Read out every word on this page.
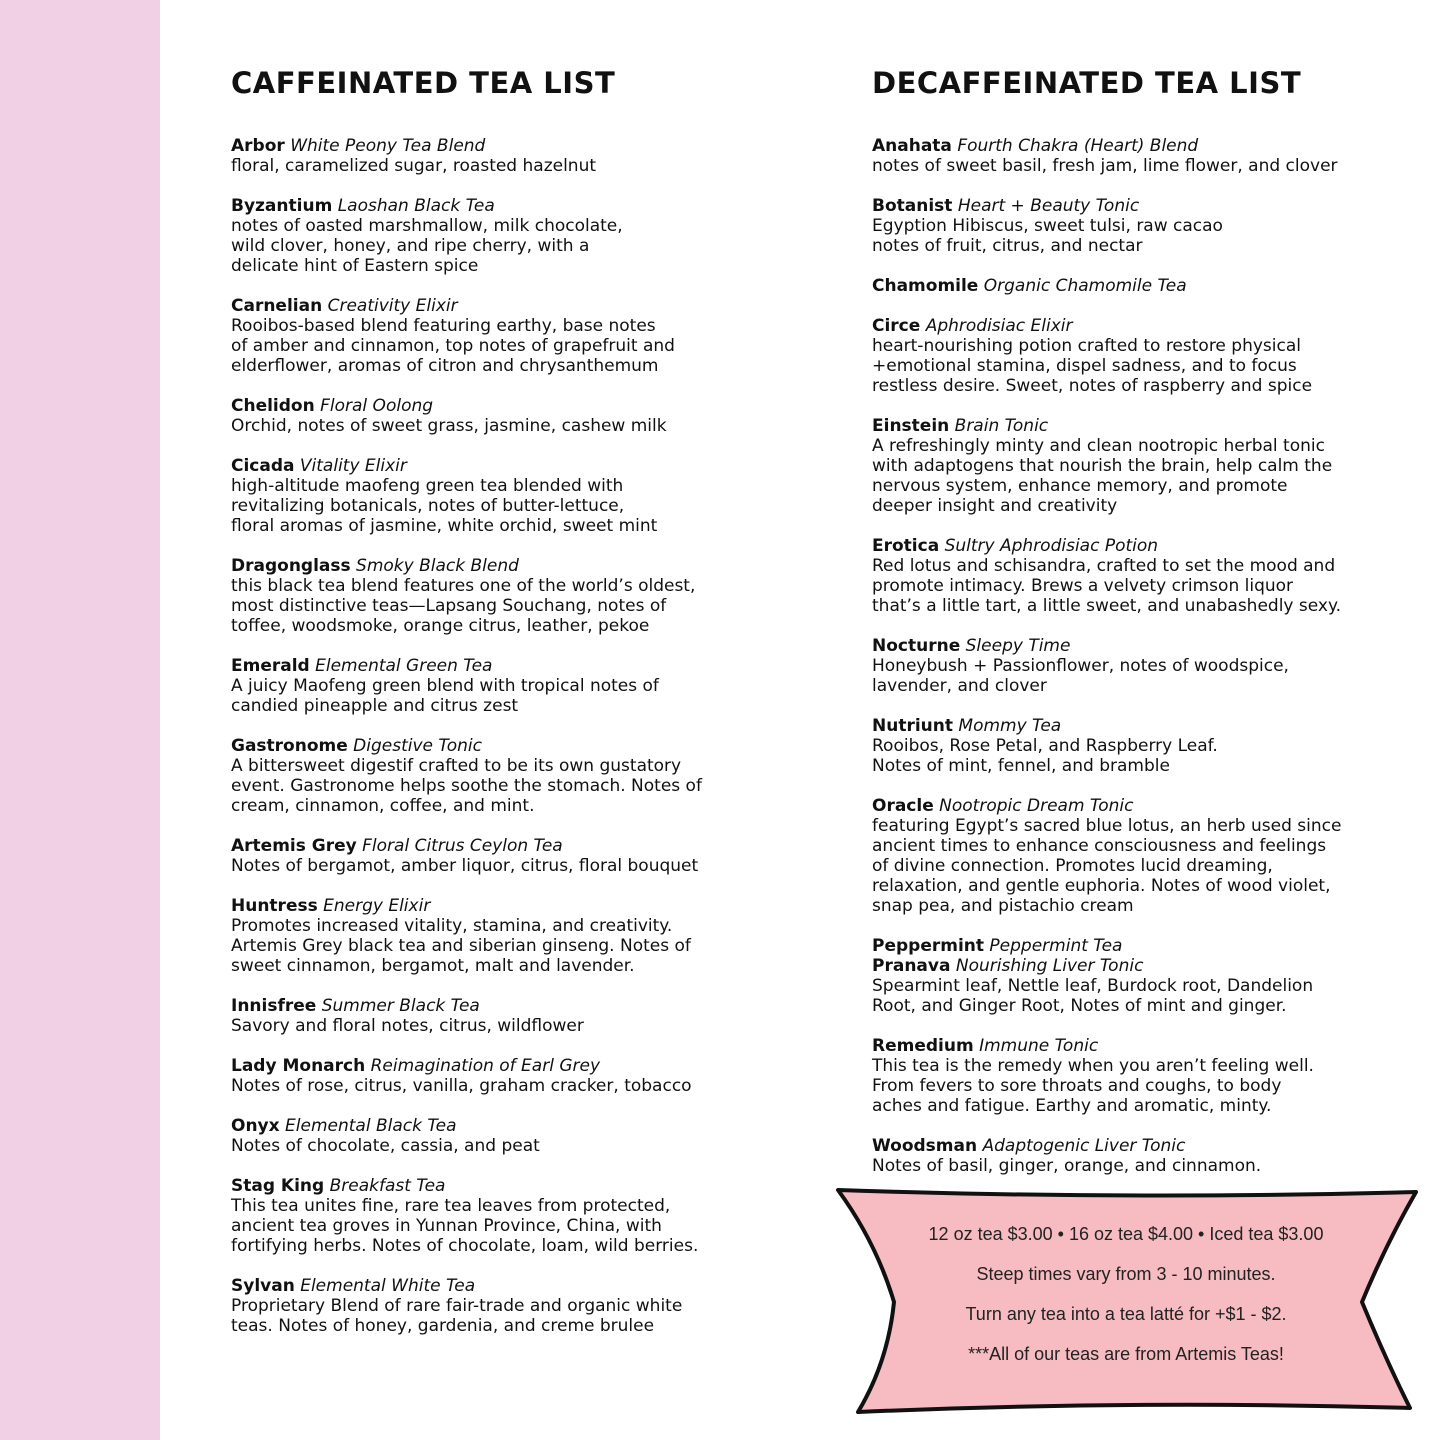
CAFFEINATED TEA LIST
Arbor White Peony Tea Blend
floral, caramelized sugar, roasted hazelnut
Byzantium Laoshan Black Tea
notes of oasted marshmallow, milk chocolate,
wild clover, honey, and ripe cherry, with a
delicate hint of Eastern spice
Carnelian Creativity Elixir
Rooibos-based blend featuring earthy, base notes
of amber and cinnamon, top notes of grapefruit and
elderflower, aromas of citron and chrysanthemum
Chelidon Floral Oolong
Orchid, notes of sweet grass, jasmine, cashew milk
Cicada Vitality Elixir
high-altitude maofeng green tea blended with
revitalizing botanicals, notes of butter-lettuce,
floral aromas of jasmine, white orchid, sweet mint
Dragonglass Smoky Black Blend
this black tea blend features one of the world’s oldest,
most distinctive teas—Lapsang Souchang, notes of
toffee, woodsmoke, orange citrus, leather, pekoe
Emerald Elemental Green Tea
A juicy Maofeng green blend with tropical notes of
candied pineapple and citrus zest
Gastronome Digestive Tonic
A bittersweet digestif crafted to be its own gustatory
event. Gastronome helps soothe the stomach. Notes of
cream, cinnamon, coffee, and mint.
Artemis Grey Floral Citrus Ceylon Tea
Notes of bergamot, amber liquor, citrus, floral bouquet
Huntress Energy Elixir
Promotes increased vitality, stamina, and creativity.
Artemis Grey black tea and siberian ginseng. Notes of
sweet cinnamon, bergamot, malt and lavender.
Innisfree Summer Black Tea
Savory and floral notes, citrus, wildflower
Lady Monarch Reimagination of Earl Grey
Notes of rose, citrus, vanilla, graham cracker, tobacco
Onyx Elemental Black Tea
Notes of chocolate, cassia, and peat
Stag King Breakfast Tea
This tea unites fine, rare tea leaves from protected,
ancient tea groves in Yunnan Province, China, with
fortifying herbs. Notes of chocolate, loam, wild berries.
Sylvan Elemental White Tea
Proprietary Blend of rare fair-trade and organic white
teas. Notes of honey, gardenia, and creme brulee
DECAFFEINATED TEA LIST
Anahata Fourth Chakra (Heart) Blend
notes of sweet basil, fresh jam, lime flower, and clover
Botanist Heart + Beauty Tonic
Egyption Hibiscus, sweet tulsi, raw cacao
notes of fruit, citrus, and nectar
Chamomile Organic Chamomile Tea
Circe Aphrodisiac Elixir
heart-nourishing potion crafted to restore physical
+emotional stamina, dispel sadness, and to focus
restless desire. Sweet, notes of raspberry and spice
Einstein Brain Tonic
A refreshingly minty and clean nootropic herbal tonic
with adaptogens that nourish the brain, help calm the
nervous system, enhance memory, and promote
deeper insight and creativity
Erotica Sultry Aphrodisiac Potion
Red lotus and schisandra, crafted to set the mood and
promote intimacy. Brews a velvety crimson liquor
that’s a little tart, a little sweet, and unabashedly sexy.
Nocturne Sleepy Time
Honeybush + Passionflower, notes of woodspice,
lavender, and clover
Nutriunt Mommy Tea
Rooibos, Rose Petal, and Raspberry Leaf.
Notes of mint, fennel, and bramble
Oracle Nootropic Dream Tonic
featuring Egypt’s sacred blue lotus, an herb used since
ancient times to enhance consciousness and feelings
of divine connection. Promotes lucid dreaming,
relaxation, and gentle euphoria. Notes of wood violet,
snap pea, and pistachio cream
Peppermint Peppermint Tea
Pranava Nourishing Liver Tonic
Spearmint leaf, Nettle leaf, Burdock root, Dandelion
Root, and Ginger Root, Notes of mint and ginger.
Remedium Immune Tonic
This tea is the remedy when you aren’t feeling well.
From fevers to sore throats and coughs, to body
aches and fatigue. Earthy and aromatic, minty.
Woodsman Adaptogenic Liver Tonic
Notes of basil, ginger, orange, and cinnamon.
12 oz tea $3.00 • 16 oz tea $4.00 • Iced tea $3.00
Steep times vary from 3 - 10 minutes.
Turn any tea into a tea latté for +$1 - $2.
***All of our teas are from Artemis Teas!
